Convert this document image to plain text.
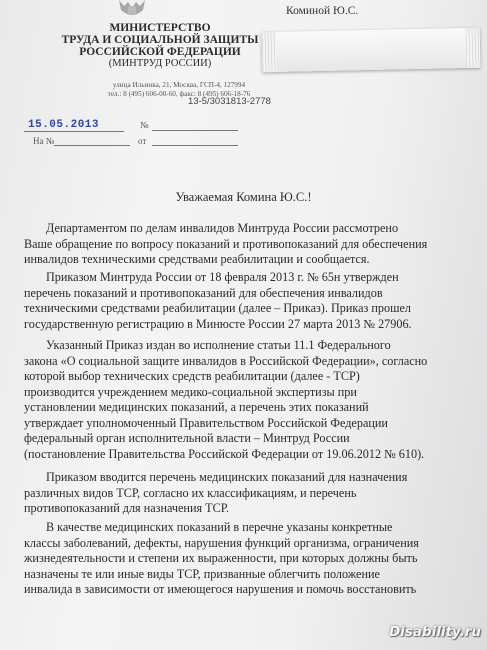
МИНИСТЕРСТВО
ТРУДА И СОЦИАЛЬНОЙ ЗАЩИТЫ
РОССИЙСКОЙ ФЕДЕРАЦИИ
(МИНТРУД РОССИИ)
улица Ильинка, 21, Москва, ГСП-4, 127994
тел.: 8 (495) 606-00-60, факс: 8 (495) 606-18-76
13-5/3031813-2778
15.05.2013	№
На №	от
Коминой Ю.С.
Уважаемая Комина Ю.С.!
Департаментом по делам инвалидов Минтруда России рассмотрено
Ваше обращение по вопросу показаний и противопоказаний для обеспечения
инвалидов техническими средствами реабилитации и сообщается.
Приказом Минтруда России от 18 февраля 2013 г. № 65н утвержден
перечень показаний и противопоказаний для обеспечения инвалидов
техническими средствами реабилитации (далее – Приказ). Приказ прошел
государственную регистрацию в Минюсте России 27 марта 2013 № 27906.
Указанный Приказ издан во исполнение статьи 11.1 Федерального
закона «О социальной защите инвалидов в Российской Федерации», согласно
которой выбор технических средств реабилитации (далее - ТСР)
производится учреждением медико-социальной экспертизы при
установлении медицинских показаний, а перечень этих показаний
утверждает уполномоченный Правительством Российской Федерации
федеральный орган исполнительной власти – Минтруд России
(постановление Правительства Российской Федерации от 19.06.2012 № 610).
Приказом вводится перечень медицинских показаний для назначения
различных видов ТСР, согласно их классификациям, и перечень
противопоказаний для назначения ТСР.
В качестве медицинских показаний в перечне указаны конкретные
классы заболеваний, дефекты, нарушения функций организма, ограничения
жизнедеятельности и степени их выраженности, при которых должны быть
назначены те или иные виды ТСР, призванные облегчить положение
инвалида в зависимости от имеющегося нарушения и помочь восстановить
Disability.ru
